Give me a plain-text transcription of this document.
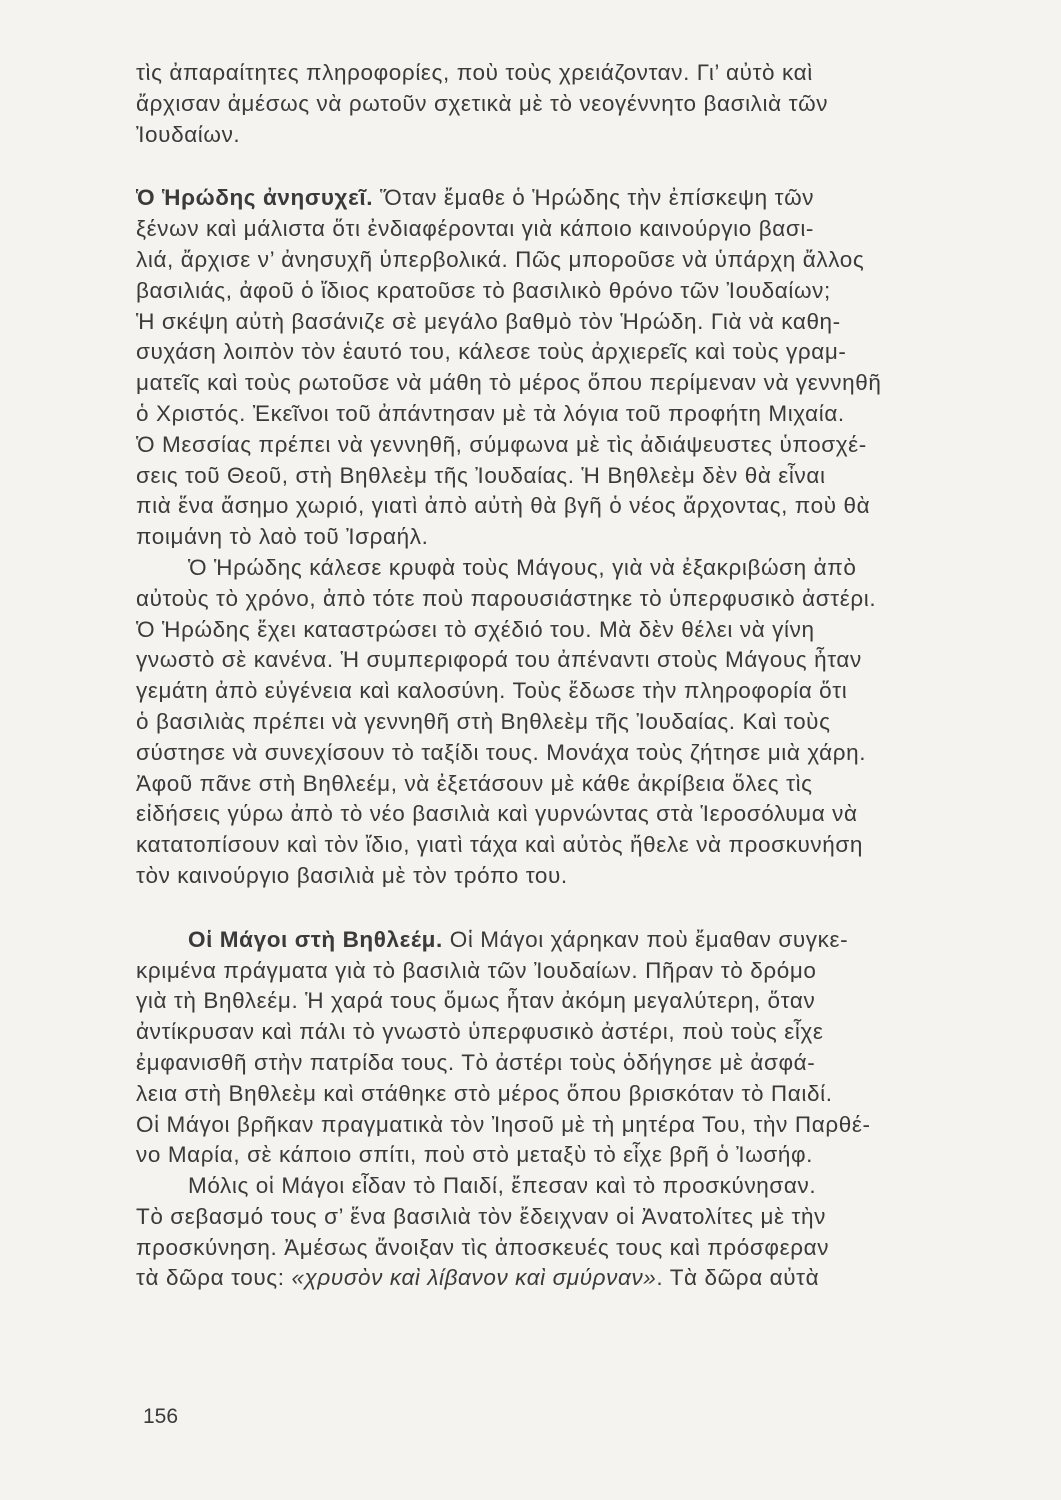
τὶς ἀπαραίτητες πληροφορίες, ποὺ τοὺς χρειάζονταν. Γι’ αὐτὸ καὶ
ἄρχισαν ἀμέσως νὰ ρωτοῦν σχετικὰ μὲ τὸ νεογέννητο βασιλιὰ τῶν
Ἰουδαίων.
Ὁ Ἡρώδης ἀνησυχεῖ. Ὅταν ἔμαθε ὁ Ἡρώδης τὴν ἐπίσκεψη τῶν
ξένων καὶ μάλιστα ὅτι ἐνδιαφέρονται γιὰ κάποιο καινούργιο βασι-
λιά, ἄρχισε ν’ ἀνησυχῆ ὑπερβολικά. Πῶς μποροῦσε νὰ ὑπάρχη ἄλλος
βασιλιάς, ἀφοῦ ὁ ἴδιος κρατοῦσε τὸ βασιλικὸ θρόνο τῶν Ἰουδαίων;
Ἡ σκέψη αὐτὴ βασάνιζε σὲ μεγάλο βαθμὸ τὸν Ἡρώδη. Γιὰ νὰ καθη-
συχάση λοιπὸν τὸν ἑαυτό του, κάλεσε τοὺς ἀρχιερεῖς καὶ τοὺς γραμ-
ματεῖς καὶ τοὺς ρωτοῦσε νὰ μάθη τὸ μέρος ὅπου περίμεναν νὰ γεννηθῆ
ὁ Χριστός. Ἐκεῖνοι τοῦ ἀπάντησαν μὲ τὰ λόγια τοῦ προφήτη Μιχαία.
Ὁ Μεσσίας πρέπει νὰ γεννηθῆ, σύμφωνα μὲ τὶς ἀδιάψευστες ὑποσχέ-
σεις τοῦ Θεοῦ, στὴ Βηθλεὲμ τῆς Ἰουδαίας. Ἡ Βηθλεὲμ δὲν θὰ εἶναι
πιὰ ἕνα ἄσημο χωριό, γιατὶ ἀπὸ αὐτὴ θὰ βγῆ ὁ νέος ἄρχοντας, ποὺ θὰ
ποιμάνη τὸ λαὸ τοῦ Ἰσραήλ.
Ὁ Ἡρώδης κάλεσε κρυφὰ τοὺς Μάγους, γιὰ νὰ ἐξακριβώση ἀπὸ
αὐτοὺς τὸ χρόνο, ἀπὸ τότε ποὺ παρουσιάστηκε τὸ ὑπερφυσικὸ ἀστέρι.
Ὁ Ἡρώδης ἔχει καταστρώσει τὸ σχέδιό του. Μὰ δὲν θέλει νὰ γίνη
γνωστὸ σὲ κανένα. Ἡ συμπεριφορά του ἀπέναντι στοὺς Μάγους ἦταν
γεμάτη ἀπὸ εὐγένεια καὶ καλοσύνη. Τοὺς ἔδωσε τὴν πληροφορία ὅτι
ὁ βασιλιὰς πρέπει νὰ γεννηθῆ στὴ Βηθλεὲμ τῆς Ἰουδαίας. Καὶ τοὺς
σύστησε νὰ συνεχίσουν τὸ ταξίδι τους. Μονάχα τοὺς ζήτησε μιὰ χάρη.
Ἀφοῦ πᾶνε στὴ Βηθλεέμ, νὰ ἐξετάσουν μὲ κάθε ἀκρίβεια ὅλες τὶς
εἰδήσεις γύρω ἀπὸ τὸ νέο βασιλιὰ καὶ γυρνώντας στὰ Ἱεροσόλυμα νὰ
κατατοπίσουν καὶ τὸν ἴδιο, γιατὶ τάχα καὶ αὐτὸς ἤθελε νὰ προσκυνήση
τὸν καινούργιο βασιλιὰ μὲ τὸν τρόπο του.
Οἱ Μάγοι στὴ Βηθλεέμ. Οἱ Μάγοι χάρηκαν ποὺ ἔμαθαν συγκε-
κριμένα πράγματα γιὰ τὸ βασιλιὰ τῶν Ἰουδαίων. Πῆραν τὸ δρόμο
γιὰ τὴ Βηθλεέμ. Ἡ χαρά τους ὅμως ἦταν ἀκόμη μεγαλύτερη, ὅταν
ἀντίκρυσαν καὶ πάλι τὸ γνωστὸ ὑπερφυσικὸ ἀστέρι, ποὺ τοὺς εἶχε
ἐμφανισθῆ στὴν πατρίδα τους. Τὸ ἀστέρι τοὺς ὁδήγησε μὲ ἀσφά-
λεια στὴ Βηθλεὲμ καὶ στάθηκε στὸ μέρος ὅπου βρισκόταν τὸ Παιδί.
Οἱ Μάγοι βρῆκαν πραγματικὰ τὸν Ἰησοῦ μὲ τὴ μητέρα Του, τὴν Παρθέ-
νο Μαρία, σὲ κάποιο σπίτι, ποὺ στὸ μεταξὺ τὸ εἶχε βρῆ ὁ Ἰωσήφ.
Μόλις οἱ Μάγοι εἶδαν τὸ Παιδί, ἔπεσαν καὶ τὸ προσκύνησαν.
Τὸ σεβασμό τους σ’ ἕνα βασιλιὰ τὸν ἔδειχναν οἱ Ἀνατολίτες μὲ τὴν
προσκύνηση. Ἀμέσως ἄνοιξαν τὶς ἀποσκευές τους καὶ πρόσφεραν
τὰ δῶρα τους: «χρυσὸν καὶ λίβανον καὶ σμύρναν». Τὰ δῶρα αὐτὰ
156
